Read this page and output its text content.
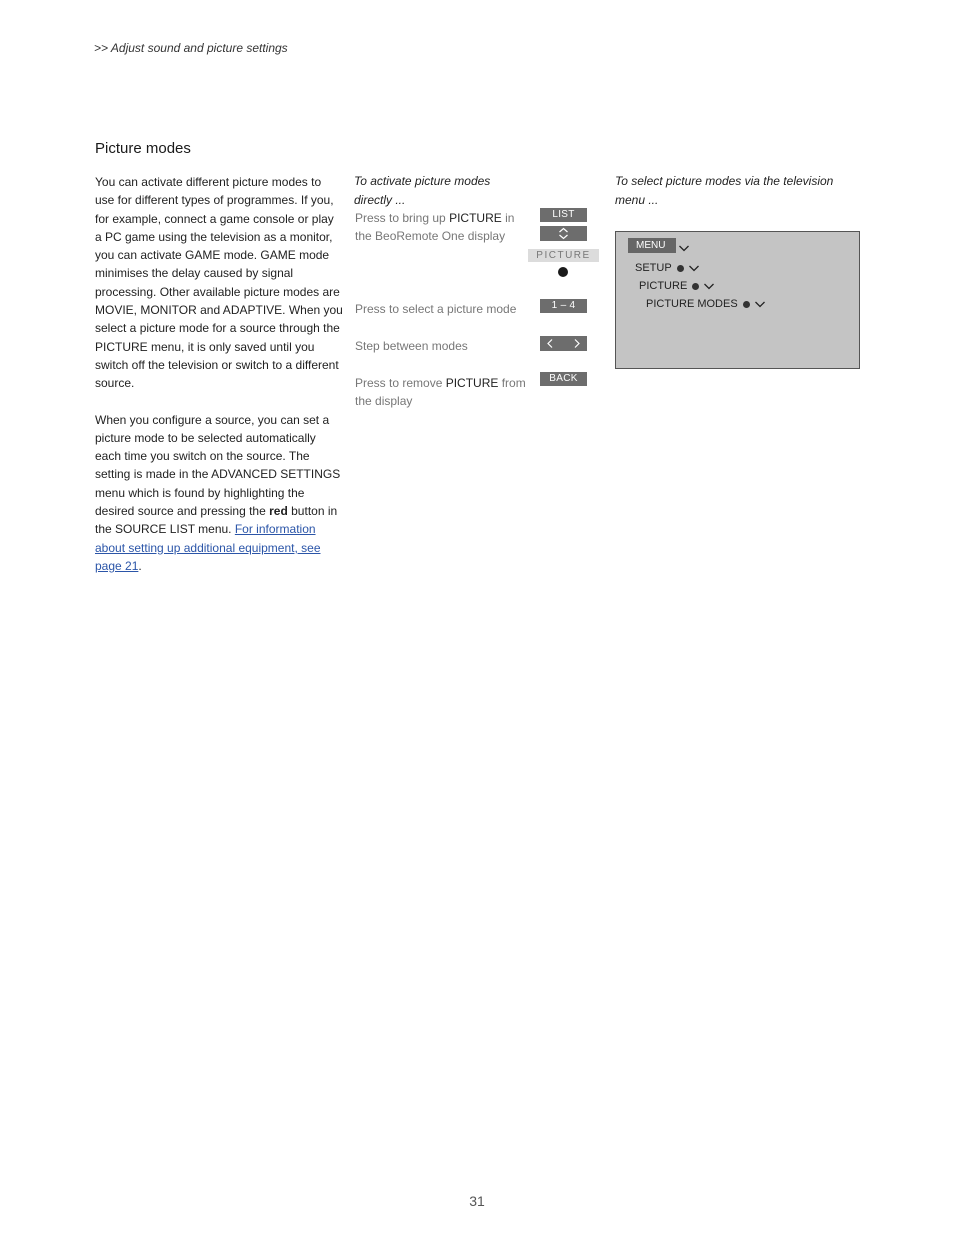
>> Adjust sound and picture settings
Picture modes

You can activate different picture modes to use for different types of programmes. If you, for example, connect a game console or play a PC game using the television as a monitor, you can activate GAME mode. GAME mode minimises the delay caused by signal processing. Other available picture modes are MOVIE, MONITOR and ADAPTIVE. When you select a picture mode for a source through the PICTURE menu, it is only saved until you switch off the television or switch to a different source.

When you configure a source, you can set a picture mode to be selected automatically each time you switch on the source. The setting is made in the ADVANCED SETTINGS menu which is found by highlighting the desired source and pressing the red button in the SOURCE LIST menu. For information about setting up additional equipment, see page 21.

To activate picture modes
directly ...
Press to bring up PICTURE in
the BeoRemote One display
Press to select a picture mode
Step between modes
Press to remove PICTURE from
the display
LIST
PICTURE
1 – 4
BACK
To select picture modes via the television
menu ...
MENU
SETUP
PICTURE
PICTURE MODES
31
